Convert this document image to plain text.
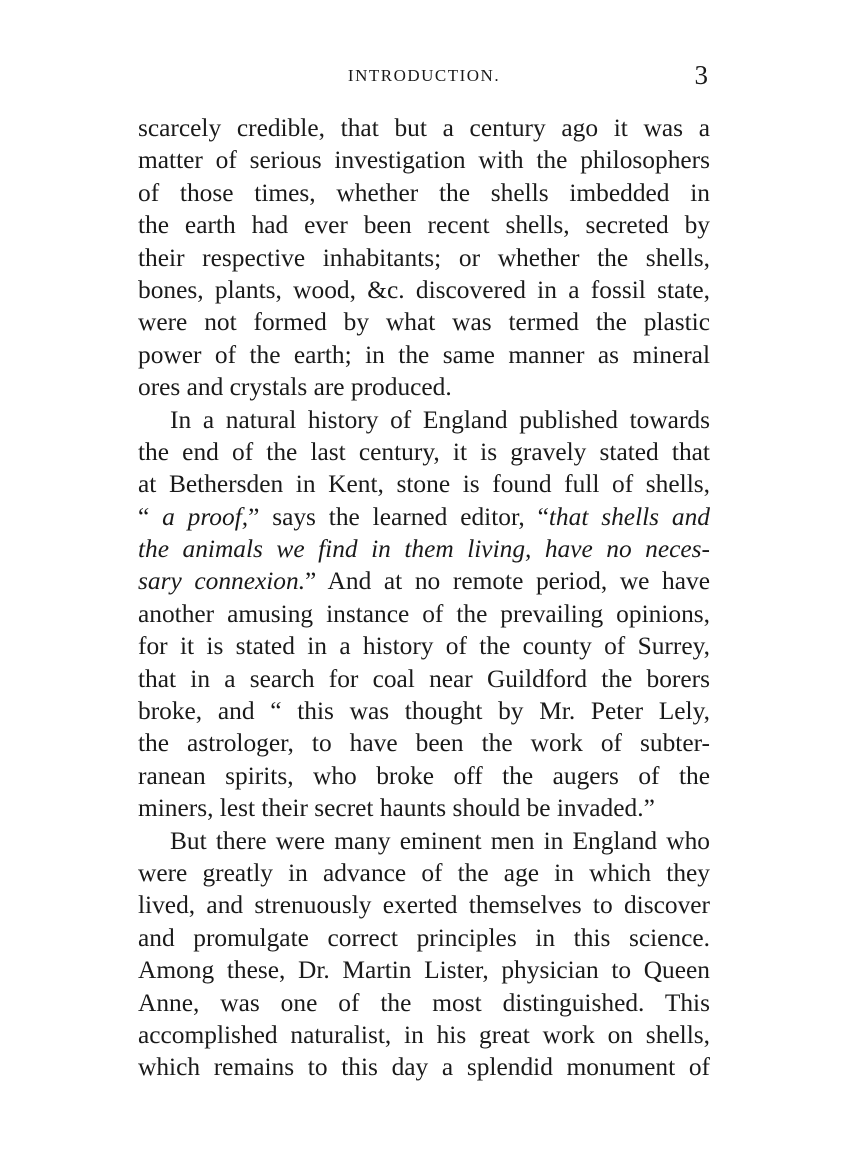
INTRODUCTION.	3
scarcely credible, that but a century ago it was a
matter of serious investigation with the philosophers
of those times, whether the shells imbedded in
the earth had ever been recent shells, secreted by
their respective inhabitants; or whether the shells,
bones, plants, wood, &c. discovered in a fossil state,
were not formed by what was termed the plastic
power of the earth; in the same manner as mineral
ores and crystals are produced.
In a natural history of England published towards
the end of the last century, it is gravely stated that
at Bethersden in Kent, stone is found full of shells,
“ a proof,” says the learned editor, “that shells and
the animals we find in them living, have no neces-
sary connexion.” And at no remote period, we have
another amusing instance of the prevailing opinions,
for it is stated in a history of the county of Surrey,
that in a search for coal near Guildford the borers
broke, and “ this was thought by Mr. Peter Lely,
the astrologer, to have been the work of subter-
ranean spirits, who broke off the augers of the
miners, lest their secret haunts should be invaded.”
But there were many eminent men in England who
were greatly in advance of the age in which they
lived, and strenuously exerted themselves to discover
and promulgate correct principles in this science.
Among these, Dr. Martin Lister, physician to Queen
Anne, was one of the most distinguished. This
accomplished naturalist, in his great work on shells,
which remains to this day a splendid monument of
